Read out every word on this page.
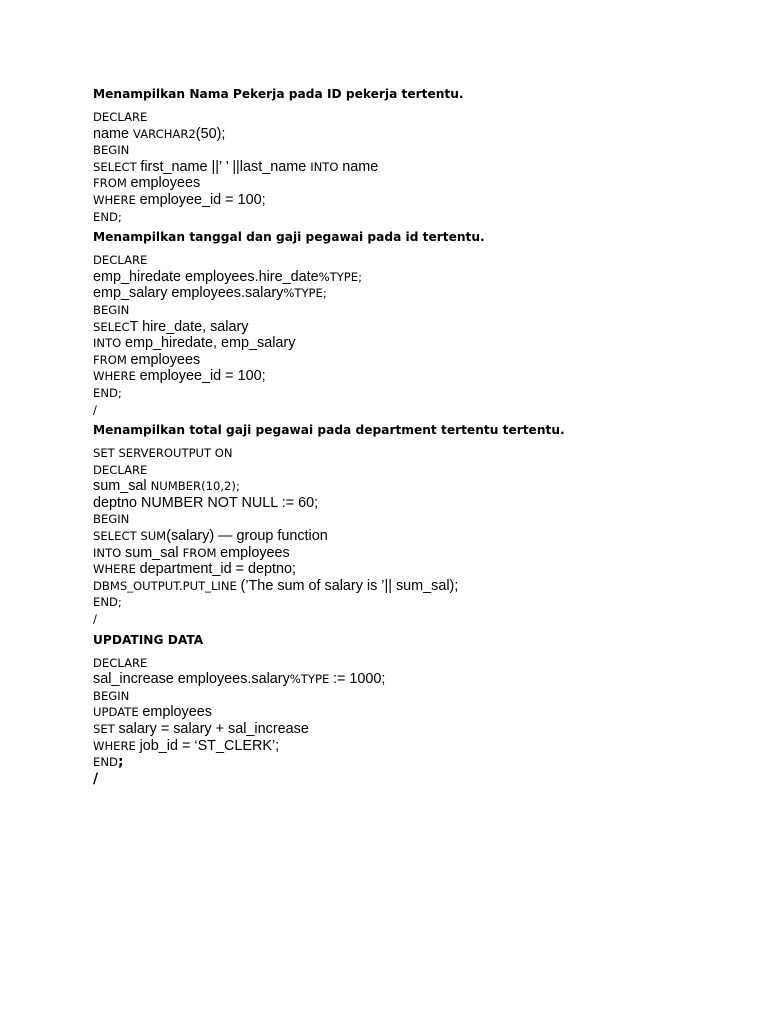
Menampilkan Nama Pekerja pada ID pekerja tertentu.
DECLARE
name VARCHAR2(50);
BEGIN
SELECT first_name ||’ ’ ||last_name INTO name
FROM employees
WHERE employee_id = 100;
END;
Menampilkan tanggal dan gaji pegawai pada id tertentu.
DECLARE
emp_hiredate employees.hire_date%TYPE;
emp_salary employees.salary%TYPE;
BEGIN
SELECT hire_date, salary
INTO emp_hiredate, emp_salary
FROM employees
WHERE employee_id = 100;
END;
/
Menampilkan total gaji pegawai pada department tertentu tertentu.
SET SERVEROUTPUT ON
DECLARE
sum_sal NUMBER(10,2);
deptno NUMBER NOT NULL := 60;
BEGIN
SELECT SUM(salary) — group function
INTO sum_sal FROM employees
WHERE department_id = deptno;
DBMS_OUTPUT.PUT_LINE (’The sum of salary is ’|| sum_sal);
END;
/
UPDATING DATA
DECLARE
sal_increase employees.salary%TYPE := 1000;
BEGIN
UPDATE employees
SET salary = salary + sal_increase
WHERE job_id = ‘ST_CLERK’;
END;
/
